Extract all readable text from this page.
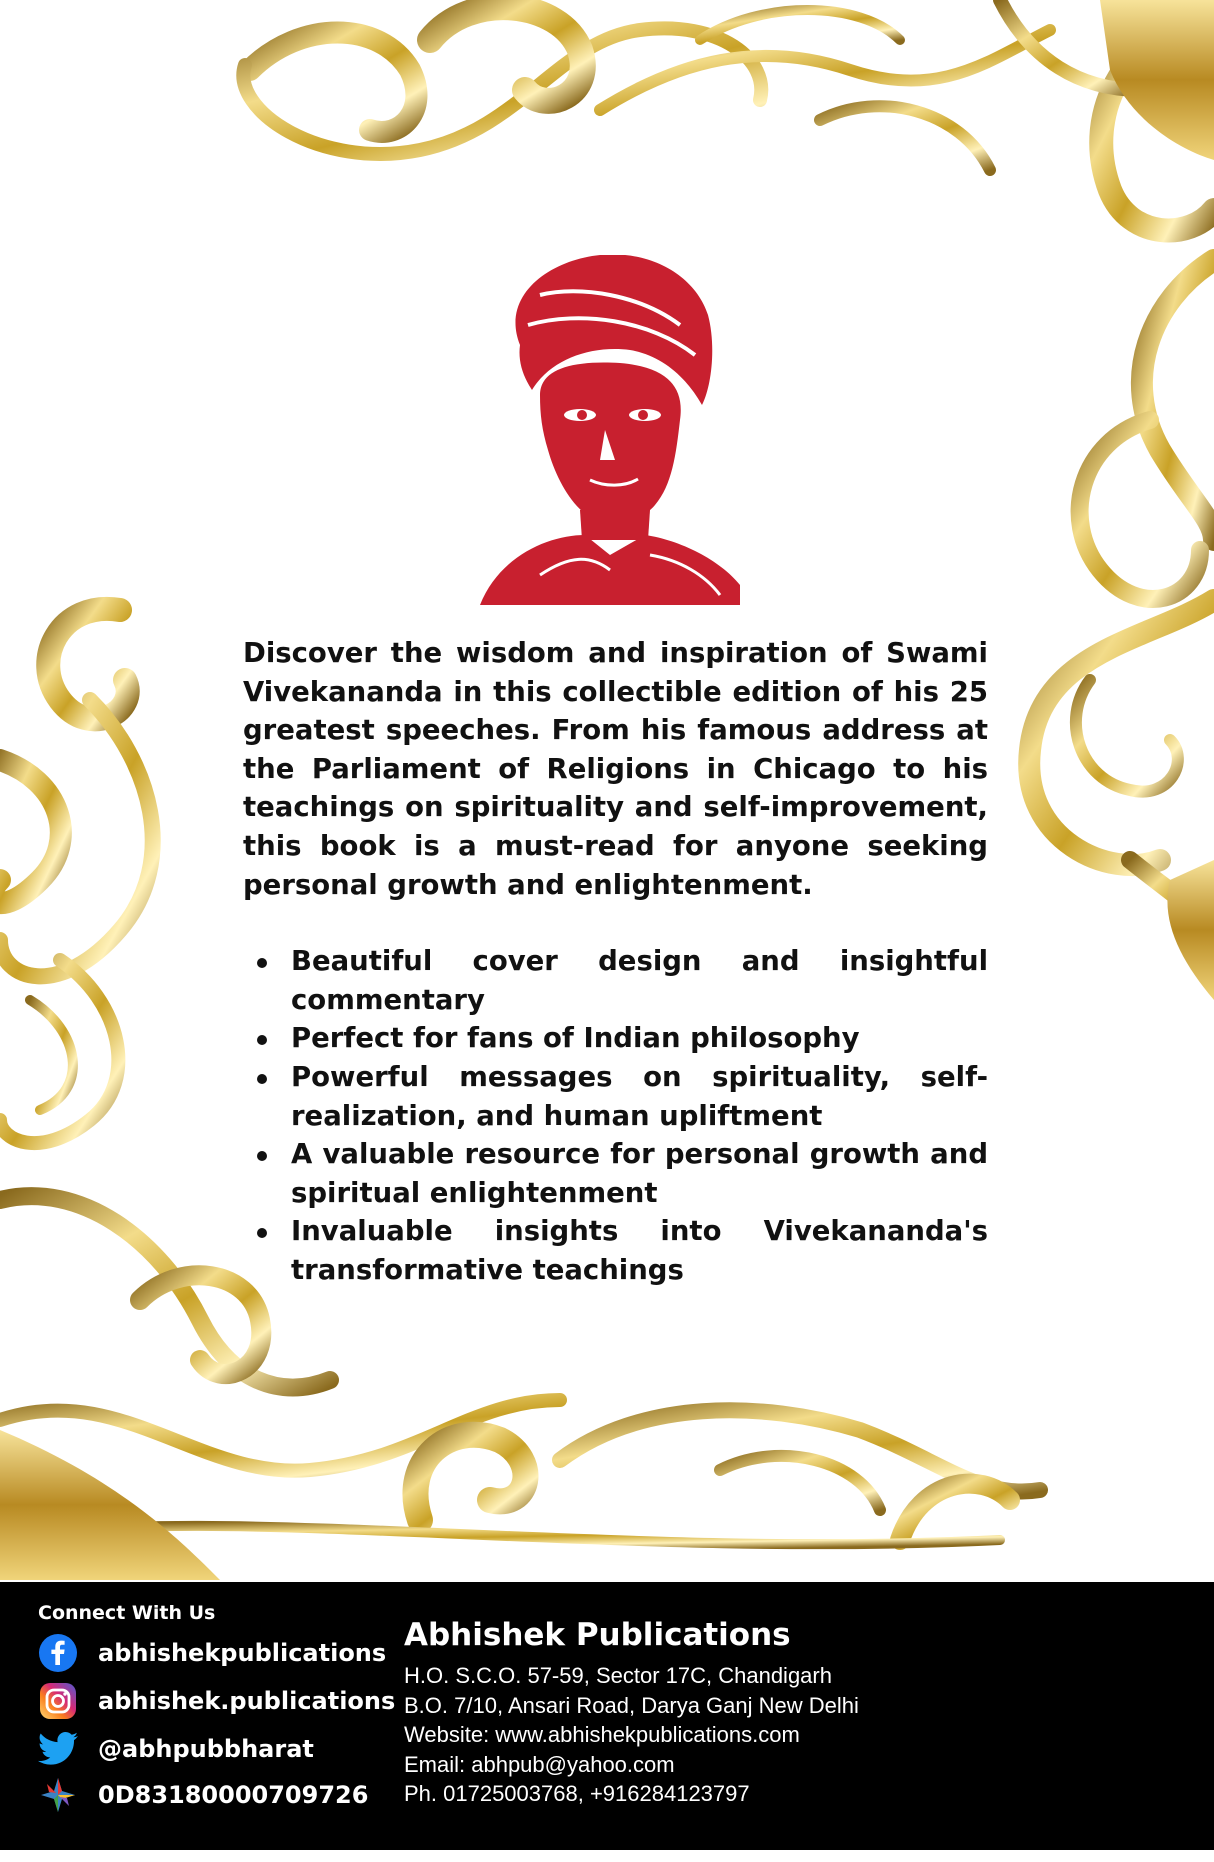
Discover the wisdom and inspiration of Swami Vivekananda in this collectible edition of his 25 greatest speeches. From his famous address at the Parliament of Religions in Chicago to his teachings on spirituality and self-improvement, this book is a must-read for anyone seeking personal growth and enlightenment.

Beautiful cover design and insightful commentary
Perfect for fans of Indian philosophy
Powerful messages on spirituality, self-realization, and human upliftment
A valuable resource for personal growth and spiritual enlightenment
Invaluable insights into Vivekananda's transformative teachings
Connect With Us
abhishekpublications
abhishek.publications
@abhpubbharat
0D83180000709726
Abhishek Publications
H.O. S.C.O. 57-59, Sector 17C, Chandigarh
B.O. 7/10, Ansari Road, Darya Ganj New Delhi
Website: www.abhishekpublications.com
Email: abhpub@yahoo.com
Ph. 01725003768, +916284123797
